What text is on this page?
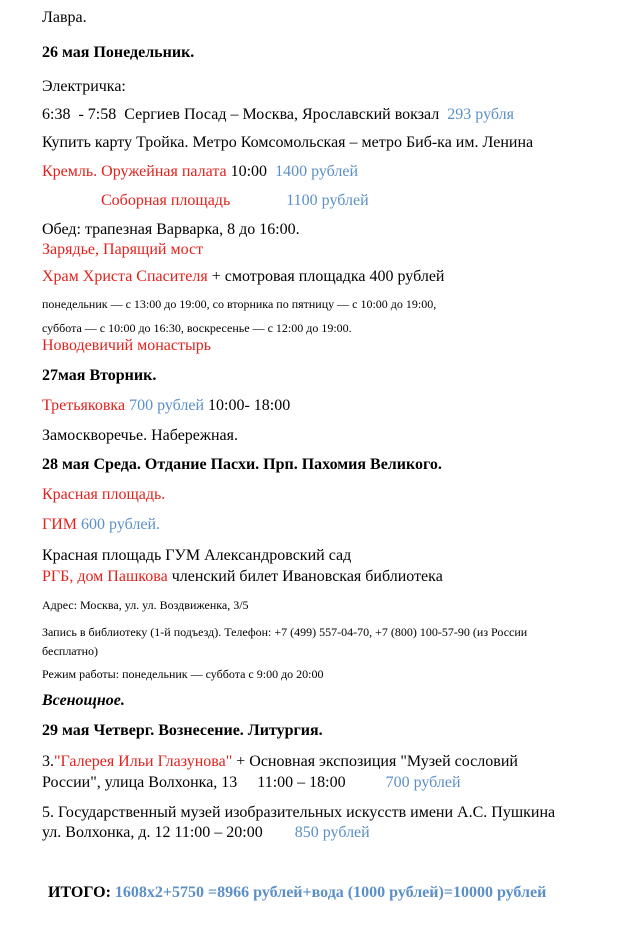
Лавра.
26 мая Понедельник.
Электричка:
6:38  - 7:58  Сергиев Посад – Москва, Ярославский вокзал  293 рубля
Купить карту Тройка. Метро Комсомольская – метро Биб-ка им. Ленина
Кремль. Оружейная палата 10:00  1400 рублей
Соборная площадь	1100 рублей
Обед: трапезная Варварка, 8 до 16:00.
Зарядье, Парящий мост
Храм Христа Спасителя + смотровая площадка 400 рублей
понедельник — с 13:00 до 19:00, со вторника по пятницу — с 10:00 до 19:00,
суббота — с 10:00 до 16:30, воскресенье — с 12:00 до 19:00.
Новодевичий монастырь
27мая Вторник.
Третьяковка 700 рублей 10:00- 18:00
Замоскворечье. Набережная.
28 мая Среда. Отдание Пасхи. Прп. Пахомия Великого.
Красная площадь.
ГИМ 600 рублей.
Красная площадь ГУМ Александровский сад
РГБ, дом Пашкова членский билет Ивановская библиотека
Адрес: Москва, ул. ул. Воздвиженка, 3/5
Запись в библиотеку (1-й подъезд). Телефон: +7 (499) 557-04-70, +7 (800) 100-57-90 (из России
бесплатно)
Режим работы: понедельник — суббота с 9:00 до 20:00
Всенощное.
29 мая Четверг. Вознесение. Литургия.
3."Галерея Ильи Глазунова" + Основная экспозиция "Музей сословий
России", улица Волхонка, 13     11:00 – 18:00          700 рублей
5. Государственный музей изобразительных искусств имени А.С. Пушкина
ул. Волхонка, д. 12 11:00 – 20:00        850 рублей
ИТОГО: 1608х2+5750 =8966 рублей+вода (1000 рублей)=10000 рублей
